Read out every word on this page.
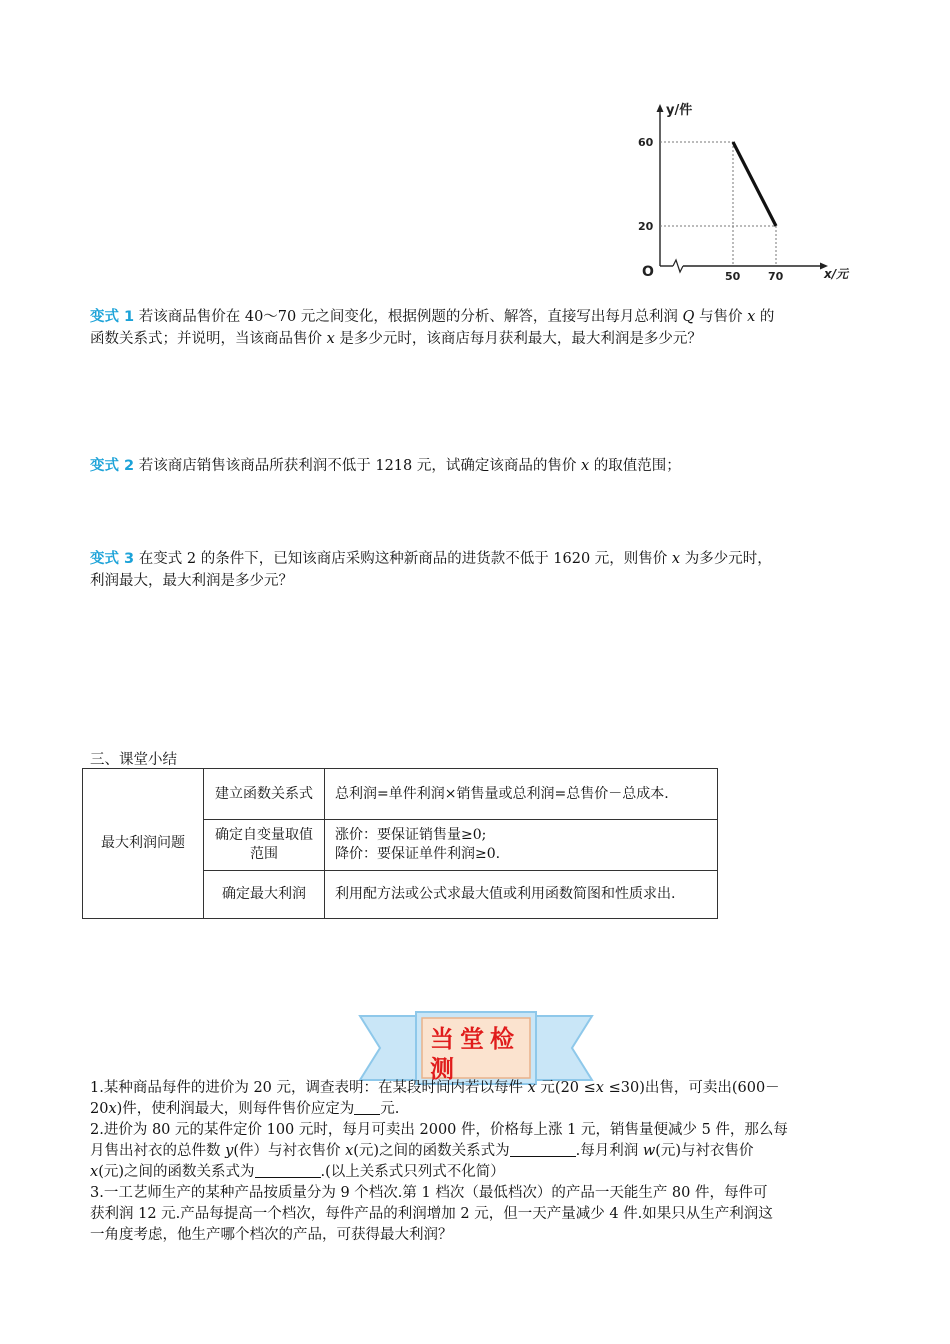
y/件
60
20
O	50	70	x/元
变式 1 若该商品售价在 40～70 元之间变化，根据例题的分析、解答，直接写出每月总利润 Q 与售价 x 的
函数关系式；并说明，当该商品售价 x 是多少元时，该商店每月获利最大，最大利润是多少元？
变式 2 若该商店销售该商品所获利润不低于 1218 元，试确定该商品的售价 x 的取值范围；
变式 3 在变式 2 的条件下，已知该商店采购这种新商品的进货款不低于 1620 元，则售价 x 为多少元时，
利润最大，最大利润是多少元？
三、课堂小结
最大利润问题	建立函数关系式	总利润=单件利润×销售量或总利润=总售价－总成本.
	确定自变量取值范围	涨价：要保证销售量≥0;
降价：要保证单件利润≥0.

	确定最大利润	利用配方法或公式求最大值或利用函数简图和性质求出.
当堂检测
1.某种商品每件的进价为 20 元，调查表明：在某段时间内若以每件 x 元(20 ≤x ≤30)出售，可卖出(600－
20x)件，使利润最大，则每件售价应定为 元.
2.进价为 80 元的某件定价 100 元时，每月可卖出 2000 件，价格每上涨 1 元，销售量便减少 5 件，那么每
月售出衬衣的总件数 y(件）与衬衣售价 x(元)之间的函数关系式为	.每月利润 w(元)与衬衣售价
x(元)之间的函数关系式为	.(以上关系式只列式不化简）
3.一工艺师生产的某种产品按质量分为 9 个档次.第 1 档次（最低档次）的产品一天能生产 80 件，每件可
获利润 12 元.产品每提高一个档次，每件产品的利润增加 2 元，但一天产量减少 4 件.如果只从生产利润这
一角度考虑，他生产哪个档次的产品，可获得最大利润？
